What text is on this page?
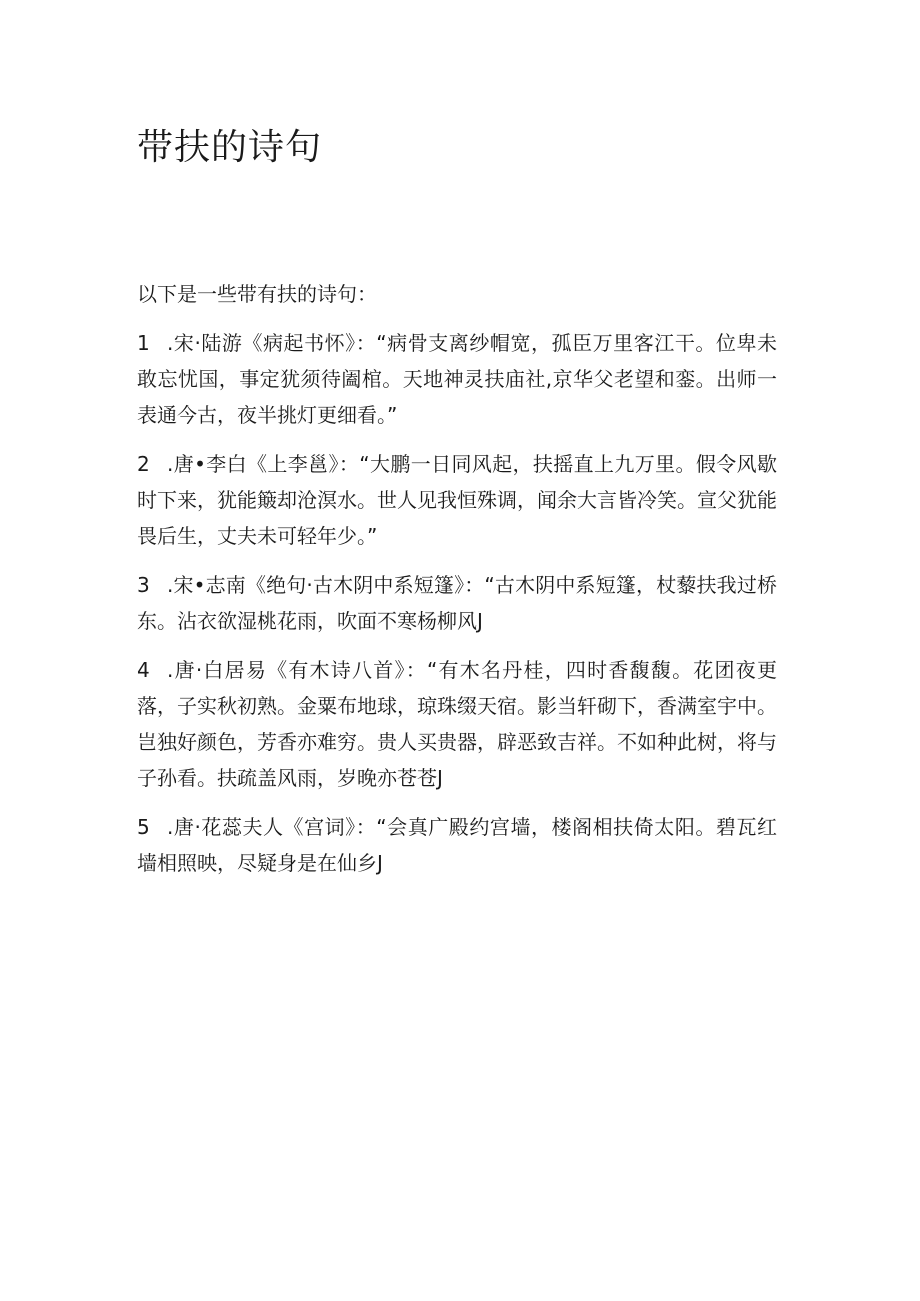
带扶的诗句

以下是一些带有扶的诗句：

1 .宋·陆游《病起书怀》：“病骨支离纱帽宽，孤臣万里客江干。位卑未敢忘忧国，事定犹须待阖棺。天地神灵扶庙社,京华父老望和銮。出师一表通今古，夜半挑灯更细看。”

2 .唐•李白《上李邕》：“大鹏一日同风起，扶摇直上九万里。假令风歇时下来，犹能簸却沧溟水。世人见我恒殊调，闻余大言皆冷笑。宣父犹能畏后生，丈夫未可轻年少。”

3 .宋•志南《绝句·古木阴中系短篷》：“古木阴中系短篷，杖藜扶我过桥东。沾衣欲湿桃花雨，吹面不寒杨柳风J

4 .唐·白居易《有木诗八首》：“有木名丹桂，四时香馥馥。花团夜更落，子实秋初熟。金粟布地球，琼珠缀天宿。影当轩砌下，香满室宇中。岂独好颜色，芳香亦难穷。贵人买贵器，辟恶致吉祥。不如种此树，将与子孙看。扶疏盖风雨，岁晚亦苍苍J

5 .唐·花蕊夫人《宫词》：“会真广殿约宫墙，楼阁相扶倚太阳。碧瓦红墙相照映，尽疑身是在仙乡J
